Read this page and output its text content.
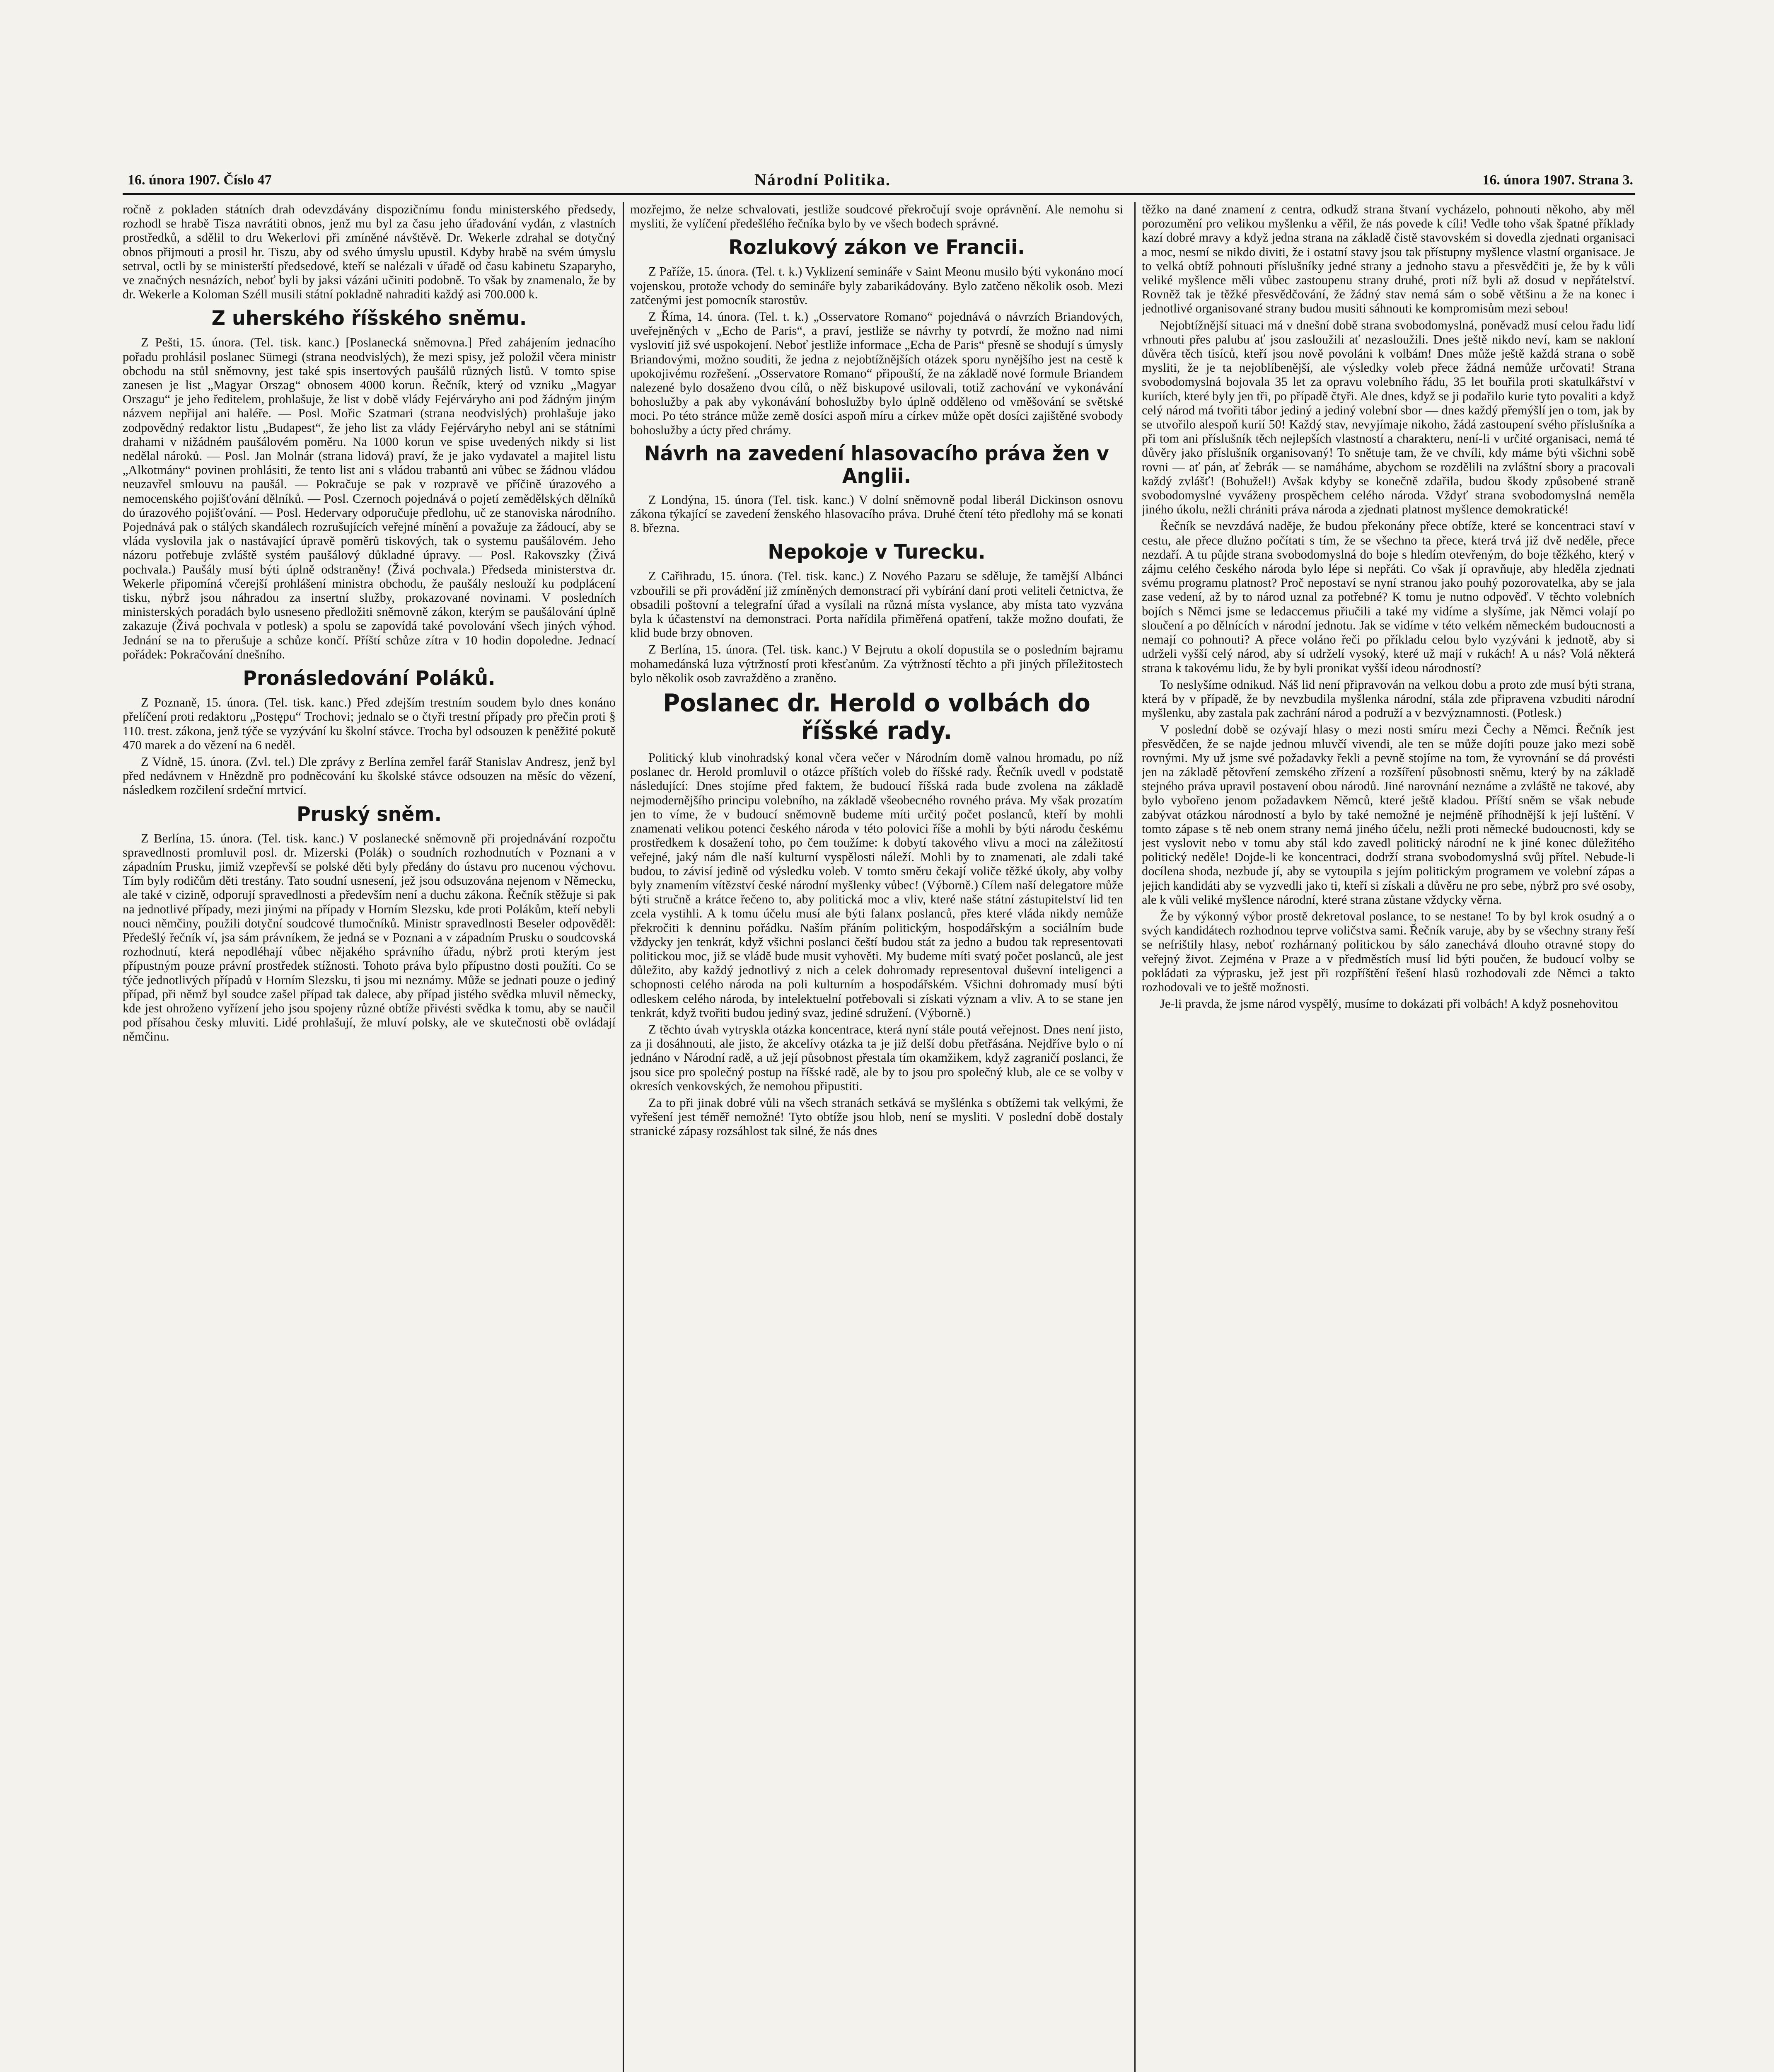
16. února 1907. Číslo 47	Národní Politika.	16. února 1907. Strana 3.

ročně z pokladen státních drah odevzdávány dispozičnímu fondu ministerského předsedy, rozhodl se hrabě Tisza navrátiti obnos, jenž mu byl za času jeho úřadování vydán, z vlastních prostředků, a sdělil to dru Wekerlovi při zmíněné návštěvě. Dr. Wekerle zdrahal se dotyčný obnos přijmouti a prosil hr. Tiszu, aby od svého úmyslu upustil. Kdyby hrabě na svém úmyslu setrval, octli by se ministerští předsedové, kteří se nalézali v úřadě od času kabinetu Szaparyho, ve značných nesnázích, neboť byli by jaksi vázáni učiniti podobně. To však by znamenalo, že by dr. Wekerle a Koloman Széll musili státní pokladně nahraditi každý asi 700.000 k.

Z uherského říšského sněmu.

Z Pešti, 15. února. (Tel. tisk. kanc.) [Poslanecká sněmovna.] Před zahájením jednacího pořadu prohlásil poslanec Sümegi (strana neodvislých), že mezi spisy, jež položil včera ministr obchodu na stůl sněmovny, jest také spis insertových paušálů různých listů. V tomto spise zanesen je list „Magyar Orszag“ obnosem 4000 korun. Řečník, který od vzniku „Magyar Orszagu“ je jeho ředitelem, prohlašuje, že list v době vlády Fejérváryho ani pod žádným jiným názvem nepřijal ani haléře. — Posl. Mořic Szatmari (strana neodvislých) prohlašuje jako zodpovědný redaktor listu „Budapest“, že jeho list za vlády Fejérváryho nebyl ani se státními drahami v nižádném paušálovém poměru. Na 1000 korun ve spise uvedených nikdy si list nedělal nároků. — Posl. Jan Molnár (strana lidová) praví, že je jako vydavatel a majitel listu „Alkotmány“ povinen prohlásiti, že tento list ani s vládou trabantů ani vůbec se žádnou vládou neuzavřel smlouvu na paušál. — Pokračuje se pak v rozpravě ve příčině úrazového a nemocenského pojišťování dělníků. — Posl. Czernoch pojednává o pojetí zemědělských dělníků do úrazového pojišťování. — Posl. Hedervary odporučuje předlohu, uč ze stanoviska národního. Pojednává pak o stálých skandálech rozrušujících veřejné mínění a považuje za žádoucí, aby se vláda vyslovila jak o nastávající úpravě poměrů tiskových, tak o systemu paušálovém. Jeho názoru potřebuje zvláště systém paušálový důkladné úpravy. — Posl. Rakovszky (Živá pochvala.) Paušály musí býti úplně odstraněny! (Živá pochvala.) Předseda ministerstva dr. Wekerle připomíná včerejší prohlášení ministra obchodu, že paušály neslouží ku podplácení tisku, nýbrž jsou náhradou za insertní služby, prokazované novinami. V posledních ministerských poradách bylo usneseno předložiti sněmovně zákon, kterým se paušálování úplně zakazuje (Živá pochvala v potlesk) a spolu se zapovídá také povolování všech jiných výhod. Jednání se na to přerušuje a schůze končí. Příští schůze zítra v 10 hodin dopoledne. Jednací pořádek: Pokračování dnešního.

Pronásledování Poláků.

Z Poznaně, 15. února. (Tel. tisk. kanc.) Před zdejším trestním soudem bylo dnes konáno přelíčení proti redaktoru „Postępu“ Trochovi; jednalo se o čtyři trestní případy pro přečin proti § 110. trest. zákona, jenž týče se vyzývání ku školní stávce. Trocha byl odsouzen k peněžité pokutě 470 marek a do vězení na 6 neděl.

Z Vídně, 15. února. (Zvl. tel.) Dle zprávy z Berlína zemřel farář Stanislav Andresz, jenž byl před nedávnem v Hnězdně pro podněcování ku školské stávce odsouzen na měsíc do vězení, následkem rozčilení srdeční mrtvicí.

Pruský sněm.

Z Berlína, 15. února. (Tel. tisk. kanc.) V poslanecké sněmovně při projednávání rozpočtu spravedlnosti promluvil posl. dr. Mizerski (Polák) o soudních rozhodnutích v Poznani a v západním Prusku, jimiž vzepřevší se polské děti byly předány do ústavu pro nucenou výchovu. Tím byly rodičům děti trestány. Tato soudní usnesení, jež jsou odsuzována nejenom v Německu, ale také v cizině, odporují spravedlnosti a především není a duchu zákona. Řečník stěžuje si pak na jednotlivé případy, mezi jinými na případy v Horním Slezsku, kde proti Polákům, kteří nebyli nouci němčiny, použili dotyční soudcové tlumočníků. Ministr spravedlnosti Beseler odpověděl: Předešlý řečník ví, jsa sám právníkem, že jedná se v Poznani a v západním Prusku o soudcovská rozhodnutí, která nepodléhají vůbec nějakého správního úřadu, nýbrž proti kterým jest přípustným pouze právní prostředek stížnosti. Tohoto práva bylo přípustno dosti použíti. Co se týče jednotlivých případů v Horním Slezsku, ti jsou mi neznámy. Může se jednati pouze o jediný případ, při němž byl soudce zašel případ tak dalece, aby případ jistého svědka mluvil německy, kde jest ohroženo vyřízení jeho jsou spojeny různé obtíže přivésti svědka k tomu, aby se naučil pod přísahou česky mluviti. Lidé prohlašují, že mluví polsky, ale ve skutečnosti obě ovládají němčinu.

mozřejmo, že nelze schvalovati, jestliže soudcové překročují svoje oprávnění. Ale nemohu si mysliti, že vylíčení předešlého řečníka bylo by ve všech bodech správné.

Rozlukový zákon ve Francii.

Z Paříže, 15. února. (Tel. t. k.) Vyklizení semináře v Saint Meonu musilo býti vykonáno mocí vojenskou, protože vchody do semináře byly zabarikádovány. Bylo zatčeno několik osob. Mezi zatčenými jest pomocník starostův.

Z Říma, 14. února. (Tel. t. k.) „Osservatore Romano“ pojednává o návrzích Briandových, uveřejněných v „Echo de Paris“, a praví, jestliže se návrhy ty potvrdí, že možno nad nimi vyslovití již své uspokojení. Neboť jestliže informace „Echa de Paris“ přesně se shodují s úmysly Briandovými, možno souditi, že jedna z nejobtížnějších otázek sporu nynějšího jest na cestě k upokojivému rozřešení. „Osservatore Romano“ připouští, že na základě nové formule Briandem nalezené bylo dosaženo dvou cílů, o něž biskupové usilovali, totiž zachování ve vykonávání bohoslužby a pak aby vykonávání bohoslužby bylo úplně odděleno od vměšování se světské moci. Po této stránce může země dosíci aspoň míru a církev může opět dosíci zajištěné svobody bohoslužby a úcty před chrámy.

Návrh na zavedení hlasovacího práva žen v Anglii.

Z Londýna, 15. února (Tel. tisk. kanc.) V dolní sněmovně podal liberál Dickinson osnovu zákona týkající se zavedení ženského hlasovacího práva. Druhé čtení této předlohy má se konati 8. března.

Nepokoje v Turecku.

Z Cařihradu, 15. února. (Tel. tisk. kanc.) Z Nového Pazaru se sděluje, že tamější Albánci vzbouřili se při provádění již zmíněných demonstrací při vybírání daní proti veliteli četnictva, že obsadili poštovní a telegrafní úřad a vysílali na různá místa vyslance, aby místa tato vyzvána byla k účastenství na demonstraci. Porta nařídila přiměřená opatření, takže možno doufati, že klid bude brzy obnoven.

Z Berlína, 15. února. (Tel. tisk. kanc.) V Bejrutu a okolí dopustila se o posledním bajramu mohamedánská luza výtržností proti křesťanům. Za výtržností těchto a při jiných příležitostech bylo několik osob zavražděno a zraněno.

Poslanec dr. Herold o volbách do říšské rady.

Politický klub vinohradský konal včera večer v Národním domě valnou hromadu, po níž poslanec dr. Herold promluvil o otázce příštích voleb do říšské rady. Řečník uvedl v podstatě následující: Dnes stojíme před faktem, že budoucí říšská rada bude zvolena na základě nejmodernějšího principu volebního, na základě všeobecného rovného práva. My však prozatím jen to víme, že v budoucí sněmovně budeme míti určitý počet poslanců, kteří by mohli znamenati velikou potenci českého národa v této polovici říše a mohli by býti národu českému prostředkem k dosažení toho, po čem toužíme: k dobytí takového vlivu a moci na záležitostí veřejné, jaký nám dle naší kulturní vyspělosti náleží. Mohli by to znamenati, ale zdali také budou, to závisí jedině od výsledku voleb. V tomto směru čekají voliče těžké úkoly, aby volby byly znamením vítězství české národní myšlenky vůbec! (Výborně.) Cílem naší delegatore může býti stručně a krátce řečeno to, aby politická moc a vliv, které naše státní zástupitelství lid ten zcela vystihli. A k tomu účelu musí ale býti falanx poslanců, přes které vláda nikdy nemůže překročiti k denninu pořádku. Naším přáním politickým, hospodářským a sociálním bude vždycky jen tenkrát, když všichni poslanci čeští budou stát za jedno a budou tak representovati politickou moc, již se vládě bude musit vyhověti. My budeme míti svatý počet poslanců, ale jest důležito, aby každý jednotlivý z nich a celek dohromady representoval duševní inteligenci a schopnosti celého národa na poli kulturním a hospodářském. Všichni dohromady musí býti odleskem celého národa, by intelektuelní potřebovali si získati význam a vliv. A to se stane jen tenkrát, když tvořiti budou jediný svaz, jediné sdružení. (Výborně.)

Z těchto úvah vytryskla otázka koncentrace, která nyní stále poutá veřejnost. Dnes není jisto, za ji dosáhnouti, ale jisto, že akcelívy otázka ta je již delší dobu přetřásána. Nejdříve bylo o ní jednáno v Národní radě, a už její působnost přestala tím okamžikem, když zagraničí poslanci, že jsou sice pro společný postup na říšské radě, ale by to jsou pro společný klub, ale ce se volby v okresích venkovských, že nemohou připustiti.

Za to při jinak dobré vůli na všech stranách setkává se myšlénka s obtížemi tak velkými, že vyřešení jest téměř nemožné! Tyto obtíže jsou hlob, není se mysliti. V poslední době dostaly stranické zápasy rozsáhlost tak silné, že nás dnes

těžko na dané znamení z centra, odkudž strana štvaní vycházelo, pohnouti někoho, aby měl porozumění pro velikou myšlenku a věřil, že nás povede k cíli! Vedle toho však špatné příklady kazí dobré mravy a když jedna strana na základě čistě stavovském si dovedla zjednati organisaci a moc, nesmí se nikdo diviti, že i ostatní stavy jsou tak přístupny myšlence vlastní organisace. Je to velká obtíž pohnouti příslušníky jedné strany a jednoho stavu a přesvědčiti je, že by k vůli veliké myšlence měli vůbec zastoupenu strany druhé, proti níž byli až dosud v nepřátelství. Rovněž tak je těžké přesvědčování, že žádný stav nemá sám o sobě většinu a že na konec i jednotlivé organisované strany budou musiti sáhnouti ke kompromisům mezi sebou!

Nejobtížnější situaci má v dnešní době strana svobodomyslná, poněvadž musí celou řadu lidí vrhnouti přes palubu ať jsou zasloužili ať nezasloužili. Dnes ještě nikdo neví, kam se nakloní důvěra těch tisíců, kteří jsou nově povoláni k volbám! Dnes může ještě každá strana o sobě mysliti, že je ta nejoblíbenější, ale výsledky voleb přece žádná nemůže určovati! Strana svobodomyslná bojovala 35 let za opravu volebního řádu, 35 let bouřila proti skatulkářství v kuriích, které byly jen tři, po případě čtyři. Ale dnes, když se ji podařilo kurie tyto povaliti a když celý národ má tvořiti tábor jediný a jediný volební sbor — dnes každý přemýšlí jen o tom, jak by se utvořilo alespoň kurií 50! Každý stav, nevyjímaje nikoho, žádá zastoupení svého příslušníka a při tom ani příslušník těch nejlepších vlastností a charakteru, není-li v určité organisaci, nemá té důvěry jako příslušník organisovaný! To snětuje tam, že ve chvíli, kdy máme býti všichni sobě rovni — ať pán, ať žebrák — se namáháme, abychom se rozdělili na zvláštní sbory a pracovali každý zvlášť! (Bohužel!) Avšak kdyby se konečně zdařila, budou škody způsobené straně svobodomyslné vyváženy prospěchem celého národa. Vždyť strana svobodomyslná neměla jiného úkolu, nežli chrániti práva národa a zjednati platnost myšlence demokratické!

Řečník se nevzdává naděje, že budou překonány přece obtíže, které se koncentraci staví v cestu, ale přece dlužno počítati s tím, že se všechno ta přece, která trvá již dvě neděle, přece nezdaří. A tu půjde strana svobodomyslná do boje s hledím otevřeným, do boje těžkého, který v zájmu celého českého národa bylo lépe si nepřáti. Co však jí opravňuje, aby hleděla zjednati svému programu platnost? Proč nepostaví se nyní stranou jako pouhý pozorovatelka, aby se jala zase vedení, až by to národ uznal za potřebné? K tomu je nutno odpověď. V těchto volebních bojích s Němci jsme se ledaccemus přiučili a také my vidíme a slyšíme, jak Němci volají po sloučení a po dělnících v národní jednotu. Jak se vidíme v této velkém německém budoucnosti a nemají co pohnouti? A přece voláno řeči po příkladu celou bylo vyzýváni k jednotě, aby si udrželi vyšší celý národ, aby sí udrželí vysoký, které už mají v rukách! A u nás? Volá některá strana k takovému lidu, že by byli pronikat vyšší ideou národností?

To neslyšíme odnikud. Náš lid není připravován na velkou dobu a proto zde musí býti strana, která by v případě, že by nevzbudila myšlenka národní, stála zde připravena vzbuditi národní myšlenku, aby zastala pak zachrání národ a podruží a v bezvýznamnosti. (Potlesk.)

V poslední době se ozývají hlasy o mezi nosti smíru mezi Čechy a Němci. Řečník jest přesvědčen, že se najde jednou mluvčí vivendi, ale ten se může dojíti pouze jako mezi sobě rovnými. My už jsme své požadavky řekli a pevně stojíme na tom, že vyrovnání se dá provésti jen na základě pětovření zemského zřízení a rozšíření působnosti sněmu, který by na základě stejného práva upravil postavení obou národů. Jiné narovnání neznáme a zvláště ne takové, aby bylo vybořeno jenom požadavkem Němců, které ještě kladou. Příští sněm se však nebude zabývat otázkou národností a bylo by také nemožné je nejméně příhodnější k její luštění. V tomto zápase s tě neb onem strany nemá jiného účelu, nežli proti německé budoucnosti, kdy se jest vyslovit nebo v tomu aby stál kdo zavedl politický národní ne k jiné konec důležitého politický neděle! Dojde-li ke koncentraci, dodrží strana svobodomyslná svůj přítel. Nebude-li docílena shoda, nezbude jí, aby se vytoupila s jejím politickým programem ve volební zápas a jejich kandidáti aby se vyzvedli jako ti, kteří si získali a důvěru ne pro sebe, nýbrž pro své osoby, ale k vůli veliké myšlence národní, které strana zůstane vždycky věrna.

Že by výkonný výbor prostě dekretoval poslance, to se nestane! To by byl krok osudný a o svých kandidátech rozhodnou teprve voličstva sami. Řečník varuje, aby by se všechny strany řeší se nefrištily hlasy, neboť rozhárnaný politickou by sálo zanechává dlouho otravné stopy do veřejný život. Zejména v Praze a v předměstích musí lid býti poučen, že budoucí volby se pokládati za výprasku, jež jest při rozpříštění řešení hlasů rozhodovali zde Němci a takto rozhodovali ve to ještě možnosti.

Je-li pravda, že jsme národ vyspělý, musíme to dokázati při volbách! A když posnehovitou
